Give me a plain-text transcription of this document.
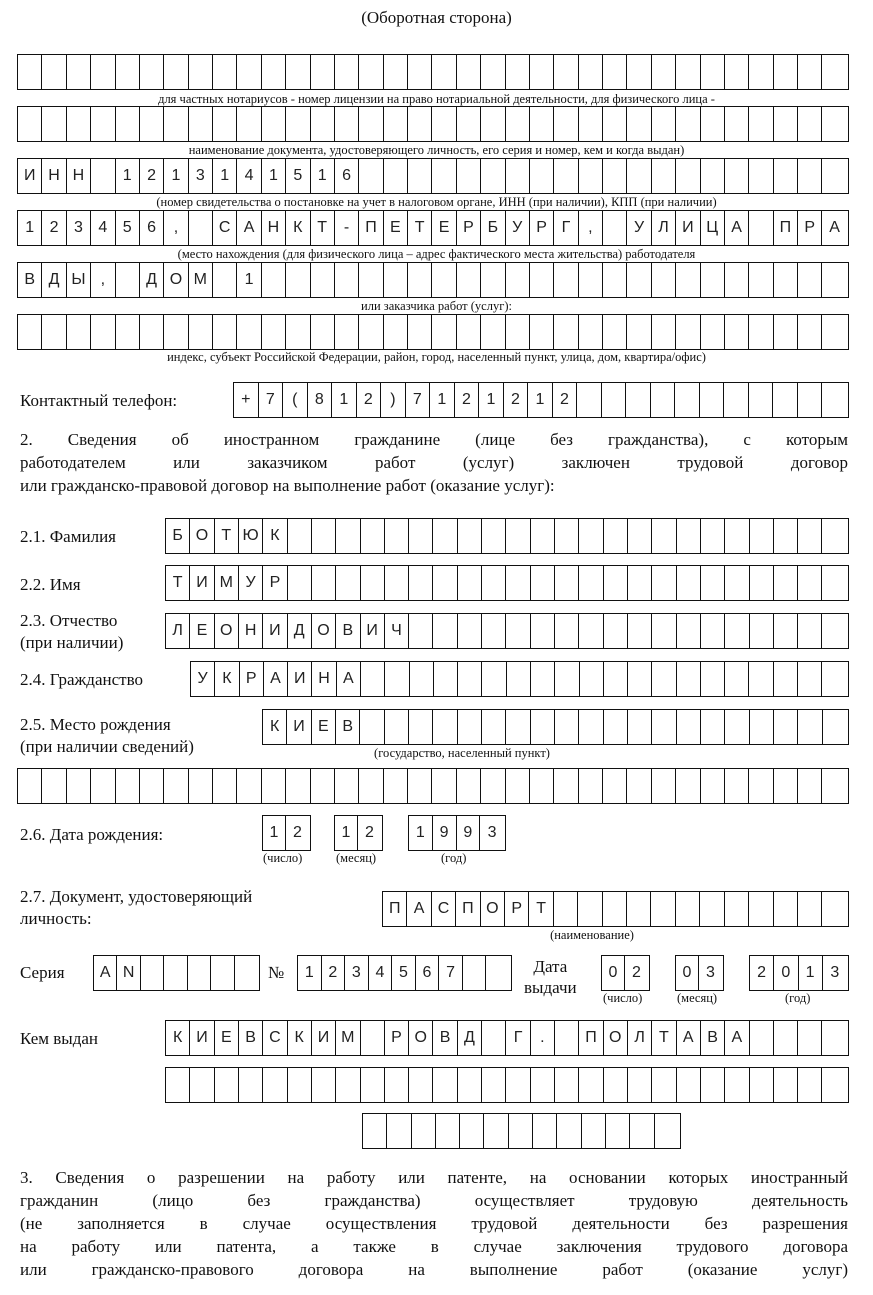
(Оборотная сторона)
для частных нотариусов - номер лицензии на право нотариальной деятельности, для физического лица -
наименование документа, удостоверяющего личность, его серия и номер, кем и когда выдан)
И Н Н	1 2 1 3 1 4 1 5 1 6
(номер свидетельства о постановке на учет в налоговом органе, ИНН (при наличии), КПП (при наличии)
1 2 3 4 5 6	,	С А Н К Т	- П Е Т Е Р Б У Р Г	,	У Л И Ц А	П Р А
(место нахождения (для физического лица – адрес фактического места жительства) работодателя
В Д Ы ,	Д О М	1
или заказчика работ (услуг):
индекс, субъект Российской Федерации, район, город, населенный пункт, улица, дом, квартира/офис)
Контактный телефон:	+ 7	(	8 1 2	)	7 1 2 1 2 1 2
2. Сведения об иностранном гражданине (лице без гражданства), с которым
работодателем или заказчиком работ (услуг) заключен трудовой договор
или гражданско-правовой договор на выполнение работ (оказание услуг):
2.1. Фамилия	Б О Т Ю К
2.2. Имя	Т И М У Р
2.3. Отчество
(при наличии)
Л Е О Н И Д О В И Ч
2.4. Гражданство	У К Р А И Н А
2.5. Место рождения
(при наличии сведений)
К И Е В
(государство, населенный пункт)
2.6. Дата рождения:	1 2	1 2	1 9 9 3
(число)	(месяц)	(год)
2.7. Документ, удостоверяющий
личность:
П А С П О Р Т
(наименование)
Серия	A N	№	1 2 3 4 5 6 7	Дата
выдачи
0 2	0 3	2 0 1 3
(число)	(месяц)	(год)
Кем выдан	К И Е В С К И М	Р О В Д	Г	.	П О Л Т А В А
3. Сведения о разрешении на работу или патенте, на основании которых иностранный
гражданин (лицо без гражданства) осуществляет трудовую деятельность
(не заполняется в случае осуществления трудовой деятельности без разрешения
на работу или патента, а также в случае заключения трудового договора
или гражданско-правового договора на выполнение работ (оказание услуг)
